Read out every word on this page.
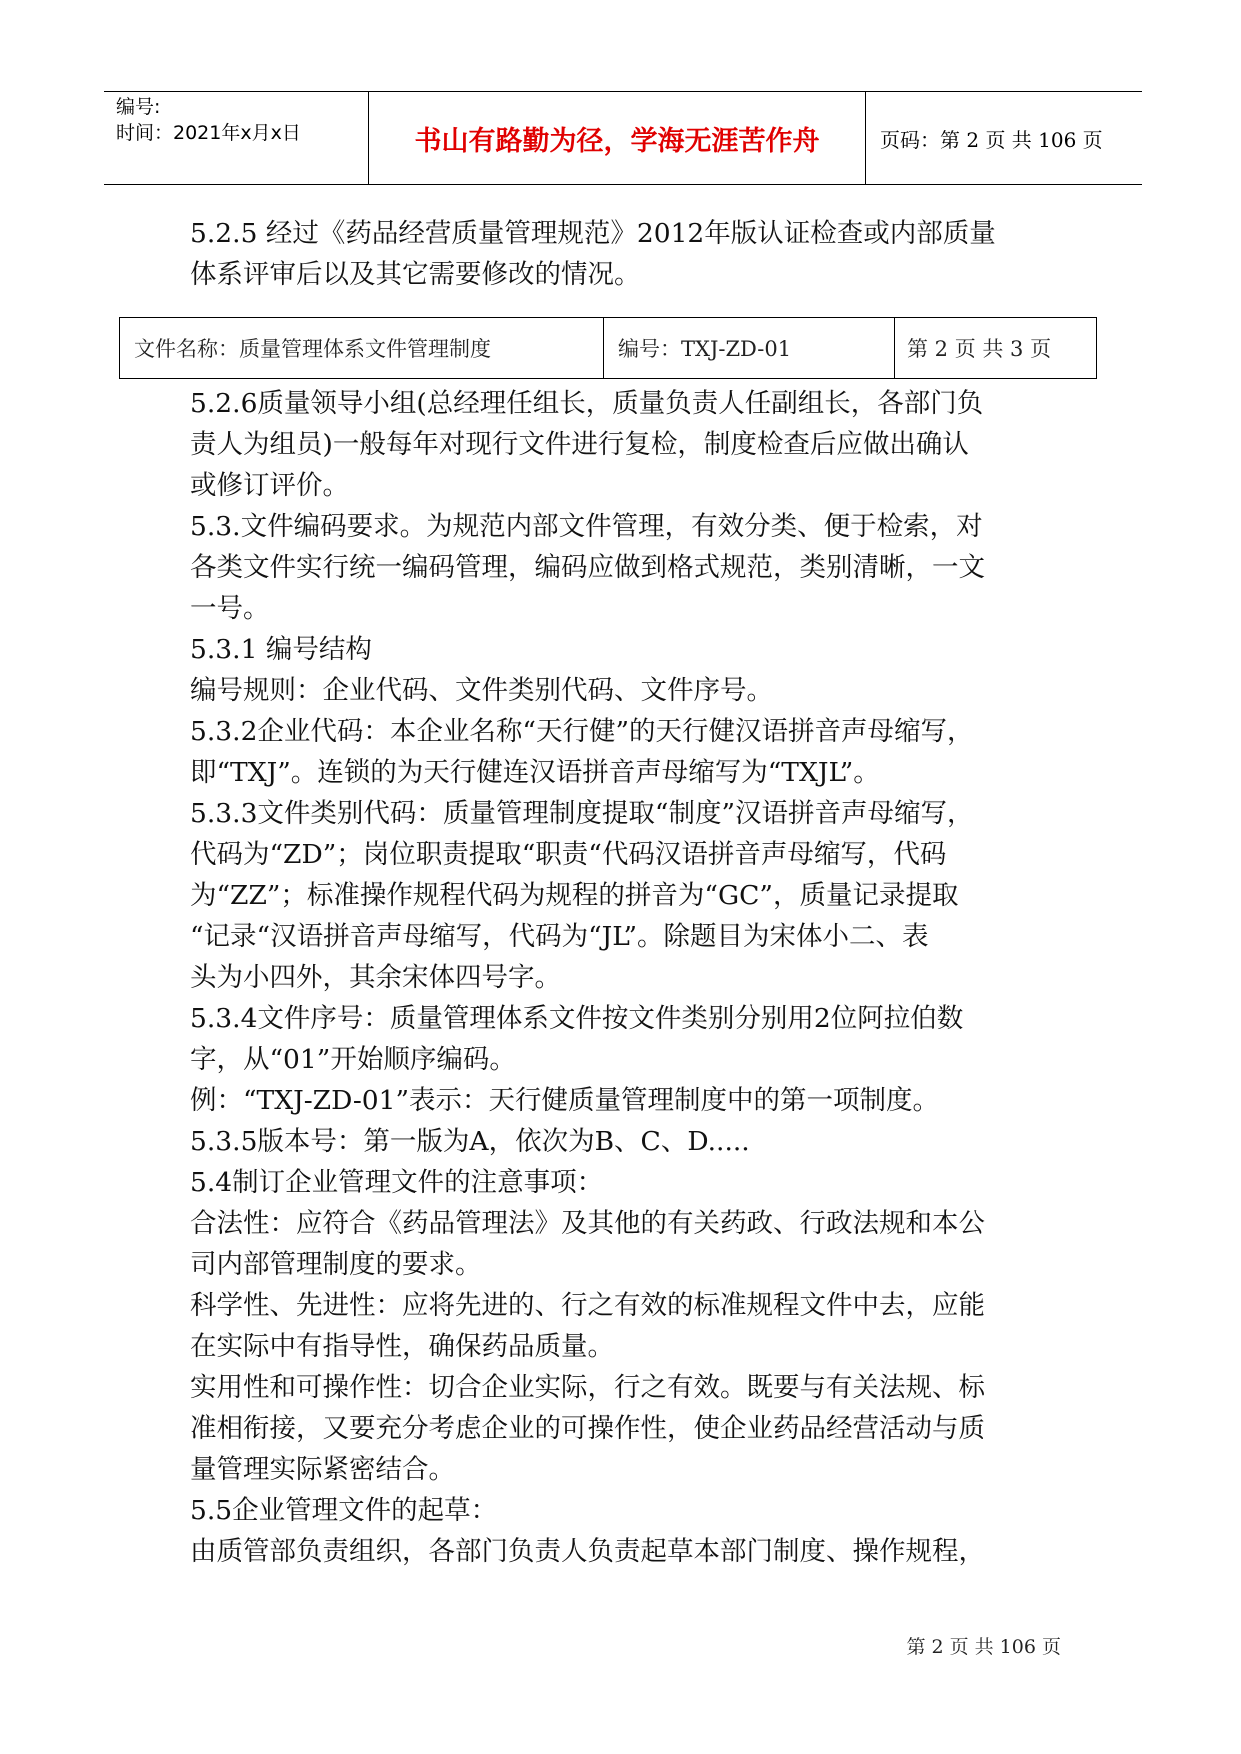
编号:
时间：2021年x月x日	书山有路勤为径，学海无涯苦作舟	页码：第 2 页 共 106 页

5.2.5 经过《药品经营质量管理规范》2012年版认证检查或内部质量

体系评审后以及其它需要修改的情况。

文件名称：质量管理体系文件管理制度	编号：TXJ-ZD-01	第 2 页 共 3 页

5.2.6质量领导小组(总经理任组长，质量负责人任副组长，各部门负

责人为组员)一般每年对现行文件进行复检，制度检查后应做出确认

或修订评价。

5.3.文件编码要求。为规范内部文件管理，有效分类、便于检索，对

各类文件实行统一编码管理，编码应做到格式规范，类别清晰，一文

一号。

5.3.1 编号结构

编号规则：企业代码、文件类别代码、文件序号。

5.3.2企业代码：本企业名称“天行健”的天行健汉语拼音声母缩写，

即“TXJ”。连锁的为天行健连汉语拼音声母缩写为“TXJL”。

5.3.3文件类别代码：质量管理制度提取“制度”汉语拼音声母缩写，

代码为“ZD”；岗位职责提取“职责“代码汉语拼音声母缩写，代码

为“ZZ”；标准操作规程代码为规程的拼音为“GC”，质量记录提取

“记录“汉语拼音声母缩写，代码为“JL”。除题目为宋体小二、表

头为小四外，其余宋体四号字。

5.3.4文件序号：质量管理体系文件按文件类别分别用2位阿拉伯数

字，从“01”开始顺序编码。

例：“TXJ-ZD-01”表示：天行健质量管理制度中的第一项制度。

5.3.5版本号：第一版为A，依次为B、C、D.....

5.4制订企业管理文件的注意事项：

合法性：应符合《药品管理法》及其他的有关药政、行政法规和本公

司内部管理制度的要求。

科学性、先进性：应将先进的、行之有效的标准规程文件中去，应能

在实际中有指导性，确保药品质量。

实用性和可操作性：切合企业实际，行之有效。既要与有关法规、标

准相衔接，又要充分考虑企业的可操作性，使企业药品经营活动与质

量管理实际紧密结合。

5.5企业管理文件的起草：

由质管部负责组织，各部门负责人负责起草本部门制度、操作规程，

第 2 页 共 106 页
